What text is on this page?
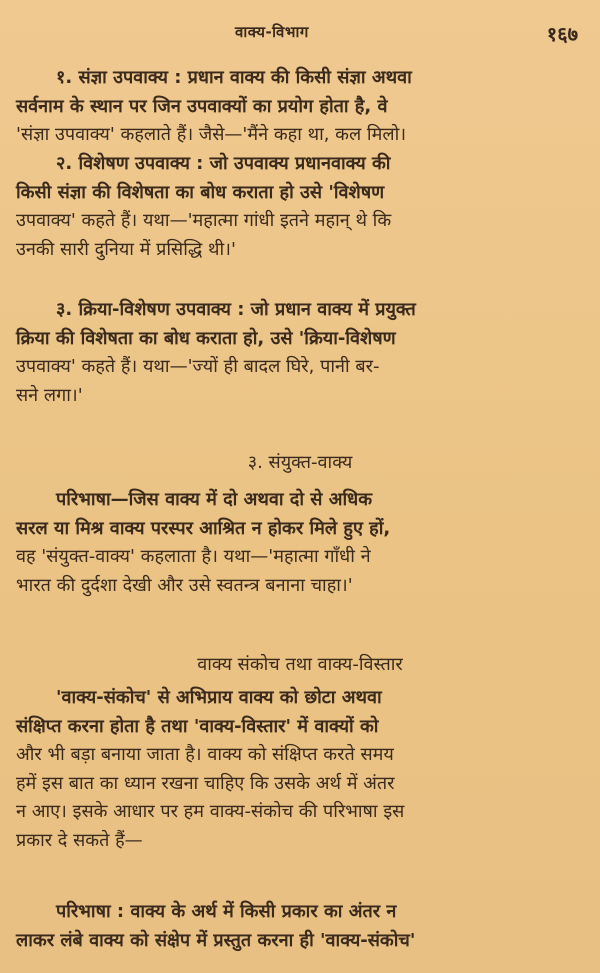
वाक्य-विभाग	१६७
१. संज्ञा उपवाक्य : प्रधान वाक्य की किसी संज्ञा अथवा
सर्वनाम के स्थान पर जिन उपवाक्यों का प्रयोग होता है, वे
'संज्ञा उपवाक्य' कहलाते हैं। जैसे—'मैंने कहा था, कल मिलो।
२. विशेषण उपवाक्य : जो उपवाक्य प्रधानवाक्य की
किसी संज्ञा की विशेषता का बोध कराता हो उसे 'विशेषण
उपवाक्य' कहते हैं। यथा—'महात्मा गांधी इतने महान् थे कि
उनकी सारी दुनिया में प्रसिद्धि थी।'
३. क्रिया-विशेषण उपवाक्य : जो प्रधान वाक्य में प्रयुक्त
क्रिया की विशेषता का बोध कराता हो, उसे 'क्रिया-विशेषण
उपवाक्य' कहते हैं। यथा—'ज्यों ही बादल घिरे, पानी बर-
सने लगा।'
३. संयुक्त-वाक्य
परिभाषा—जिस वाक्य में दो अथवा दो से अधिक
सरल या मिश्र वाक्य परस्पर आश्रित न होकर मिले हुए हों,
वह 'संयुक्त-वाक्य' कहलाता है। यथा—'महात्मा गाँधी ने
भारत की दुर्दशा देखी और उसे स्वतन्त्र बनाना चाहा।'
वाक्य संकोच तथा वाक्य-विस्तार
'वाक्य-संकोच' से अभिप्राय वाक्य को छोटा अथवा
संक्षिप्त करना होता है तथा 'वाक्य-विस्तार' में वाक्यों को
और भी बड़ा बनाया जाता है। वाक्य को संक्षिप्त करते समय
हमें इस बात का ध्यान रखना चाहिए कि उसके अर्थ में अंतर
न आए। इसके आधार पर हम वाक्य-संकोच की परिभाषा इस
प्रकार दे सकते हैं—
परिभाषा : वाक्य के अर्थ में किसी प्रकार का अंतर न
लाकर लंबे वाक्य को संक्षेप में प्रस्तुत करना ही 'वाक्य-संकोच'
